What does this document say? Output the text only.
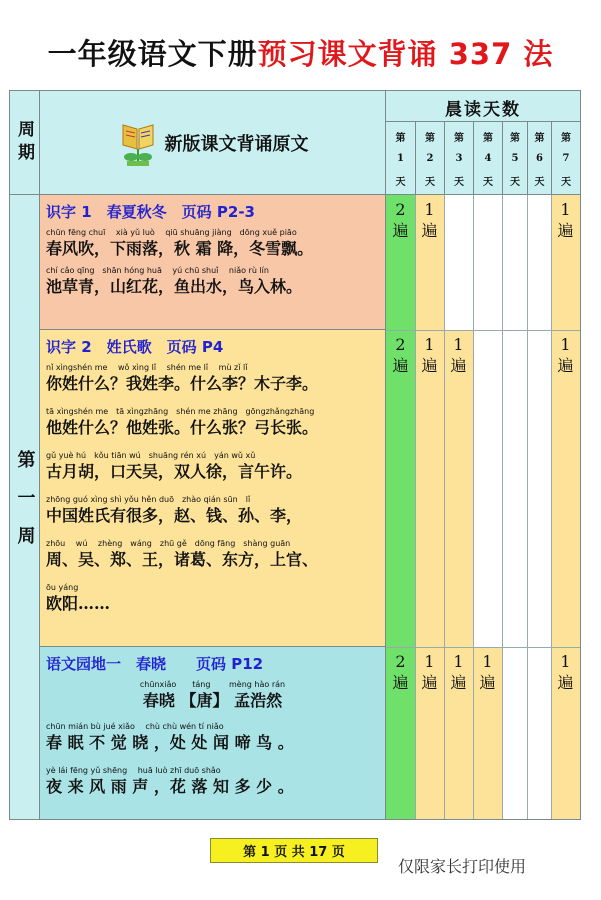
一年级语文下册预习课文背诵 337 法
周期	新版课文背诵原文
晨读天数
第
1
天
第
2
天
第
3
天
第
4
天
第
5
天
第
6
天
第
7
天
第一周
识字 1　春夏秋冬　页码 P2-3
chūn fēng chuī　 xià yǔ luò　 qiū shuāng jiàng　dōng xuě piāo
春风吹，下雨落，秋 霜 降，冬雪飘。
chí cǎo qīng　shān hóng huā　 yú chū shuǐ　 niǎo rù lín
池草青，山红花，鱼出水，鸟入林。
识字 2　姓氏歌　页码 P4
nǐ xìngshén me　 wǒ xìng lǐ　 shén me lǐ　 mù zǐ lǐ
你姓什么？我姓李。什么李？木子李。
tā xìngshén me　tā xìngzhāng　shén me zhāng　gōngzhǎngzhāng
他姓什么？他姓张。什么张？弓长张。
gǔ yuè hú　kǒu tiān wú　shuāng rén xú　yán wǔ xǔ
古月胡，口天吴，双人徐，言午许。
zhōng guó xìng shì yǒu hěn duō　zhào qián sūn　lǐ
中国姓氏有很多，赵、钱、孙、李，
zhōu　 wú　 zhèng　wáng　zhū gě　dōng fāng　shàng guān
周、吴、郑、王，诸葛、东方，上官、
ōu yáng
欧阳……
语文园地一　春晓　　页码 P12
chūnxiǎo　　táng　　 mèng hào rán
春晓 【唐】 孟浩然
chūn mián bù jué xiǎo　 chù chù wén tí niǎo
春 眠 不 觉 晓 ，处 处 闻 啼 鸟 。
yè lái fēng yǔ shēng　 huā luò zhī duō shǎo
夜 来 风 雨 声 ，花 落 知 多 少 。
2
遍
1
遍
1
遍
2
遍
1
遍
1
遍
1
遍
2
遍
1
遍
1
遍
1
遍
1
遍
第 1 页 共 17 页
仅限家长打印使用
